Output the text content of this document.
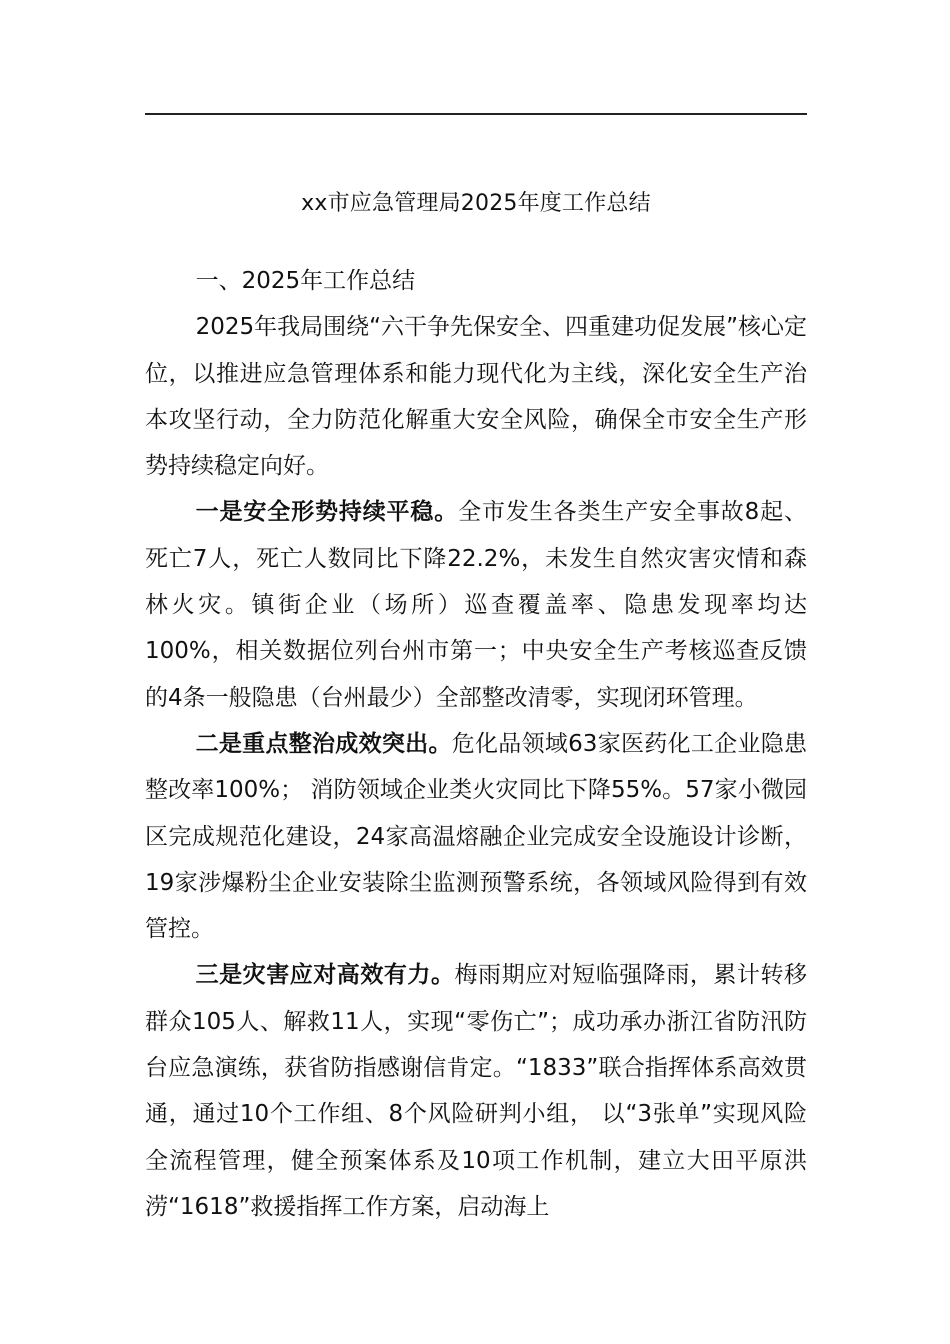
xx市应急管理局2025年度工作总结

一、2025年工作总结

2025年我局围绕“六干争先保安全、四重建功促发展”核心定位，以推进应急管理体系和能力现代化为主线，深化安全生产治本攻坚行动，全力防范化解重大安全风险，确保全市安全生产形势持续稳定向好。

一是安全形势持续平稳。全市发生各类生产安全事故8起、死亡7人，死亡人数同比下降22.2%，未发生自然灾害灾情和森林火灾。镇街企业（场所）巡查覆盖率、隐患发现率均达100%，相关数据位列台州市第一；中央安全生产考核巡查反馈的4条一般隐患（台州最少）全部整改清零，实现闭环管理。

二是重点整治成效突出。危化品领域63家医药化工企业隐患整改率100%； 消防领域企业类火灾同比下降55%。57家小微园区完成规范化建设，24家高温熔融企业完成安全设施设计诊断，19家涉爆粉尘企业安装除尘监测预警系统，各领域风险得到有效管控。

三是灾害应对高效有力。梅雨期应对短临强降雨，累计转移群众105人、解救11人，实现“零伤亡”；成功承办浙江省防汛防台应急演练，获省防指感谢信肯定。“1833”联合指挥体系高效贯通，通过10个工作组、8个风险研判小组， 以“3张单”实现风险全流程管理，健全预案体系及10项工作机制，建立大田平原洪涝“1618”救援指挥工作方案，启动海上
